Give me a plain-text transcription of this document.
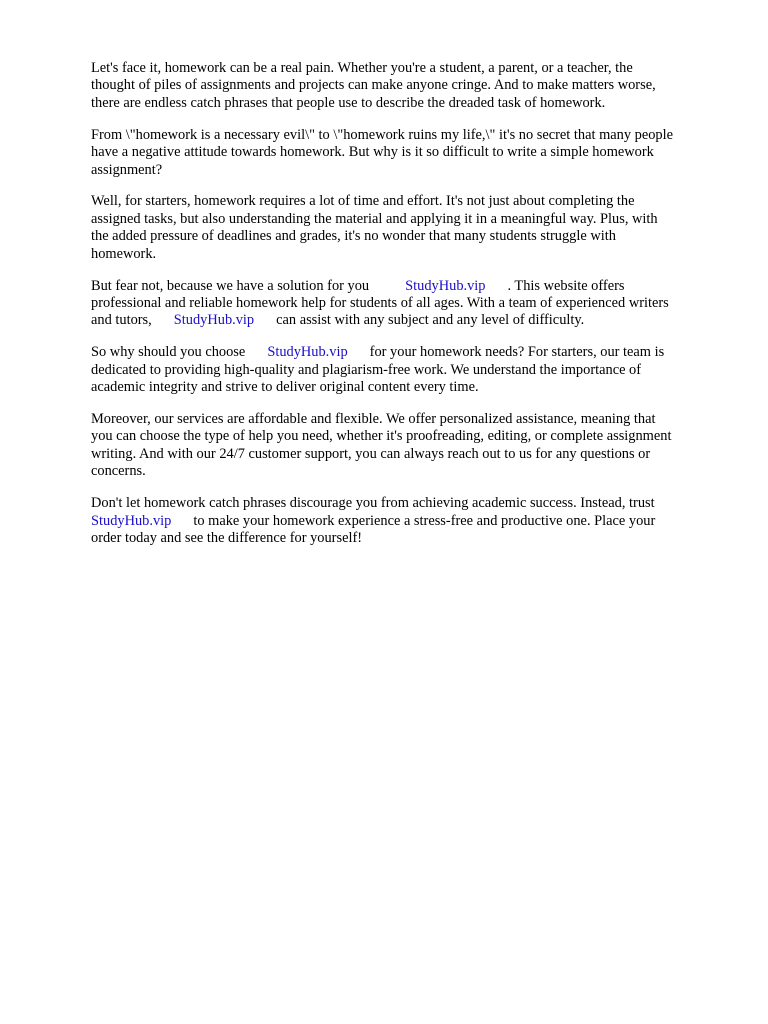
Let's face it, homework can be a real pain. Whether you're a student, a parent, or a teacher, the
thought of piles of assignments and projects can make anyone cringe. And to make matters worse,
there are endless catch phrases that people use to describe the dreaded task of homework.

From \"homework is a necessary evil\" to \"homework ruins my life,\" it's no secret that many people
have a negative attitude towards homework. But why is it so difficult to write a simple homework
assignment?

Well, for starters, homework requires a lot of time and effort. It's not just about completing the
assigned tasks, but also understanding the material and applying it in a meaningful way. Plus, with
the added pressure of deadlines and grades, it's no wonder that many students struggle with
homework.

But fear not, because we have a solution for you	StudyHub.vip . This website offers
professional and reliable homework help for students of all ages. With a team of experienced writers
and tutors, StudyHub.vip can assist with any subject and any level of difficulty.

So why should you choose StudyHub.vip for your homework needs? For starters, our team is
dedicated to providing high-quality and plagiarism-free work. We understand the importance of
academic integrity and strive to deliver original content every time.

Moreover, our services are affordable and flexible. We offer personalized assistance, meaning that
you can choose the type of help you need, whether it's proofreading, editing, or complete assignment
writing. And with our 24/7 customer support, you can always reach out to us for any questions or
concerns.

Don't let homework catch phrases discourage you from achieving academic success. Instead, trust
StudyHub.vip to make your homework experience a stress-free and productive one. Place your
order today and see the difference for yourself!
